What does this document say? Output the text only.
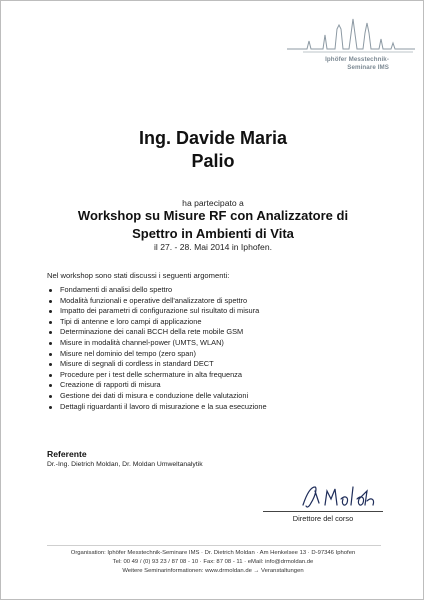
Iphöfer Messtechnik-
Seminare IMS
Ing. Davide Maria
Palio
ha partecipato a
Workshop su Misure RF con Analizzatore di
Spettro in Ambienti di Vita
il 27. - 28. Mai 2014 in Iphofen.
Nel workshop sono stati discussi i seguenti argomenti:
Fondamenti di analisi dello spettro
Modalità funzionali e operative dell'analizzatore di spettro
Impatto dei parametri di configurazione sul risultato di misura
Tipi di antenne e loro campi di applicazione
Determinazione dei canali BCCH della rete mobile GSM
Misure in modalità channel-power (UMTS, WLAN)
Misure nel dominio del tempo (zero span)
Misure di segnali di cordless in standard DECT
Procedure per i test delle schermature in alta frequenza
Creazione di rapporti di misura
Gestione dei dati di misura e conduzione delle valutazioni
Dettagli riguardanti il lavoro di misurazione e la sua esecuzione
Referente
Dr.-Ing. Dietrich Moldan, Dr. Moldan Umweltanalytik
Direttore del corso
Organisation: Iphöfer Messtechnik-Seminare IMS · Dr. Dietrich Moldan · Am Henkelsee 13 · D-97346 Iphofen
Tel: 00 49 / (0) 93 23 / 87 08 - 10 · Fax: 87 08 - 11 · eMail: info@drmoldan.de
Weitere Seminarinformationen: www.drmoldan.de → Veranstaltungen
